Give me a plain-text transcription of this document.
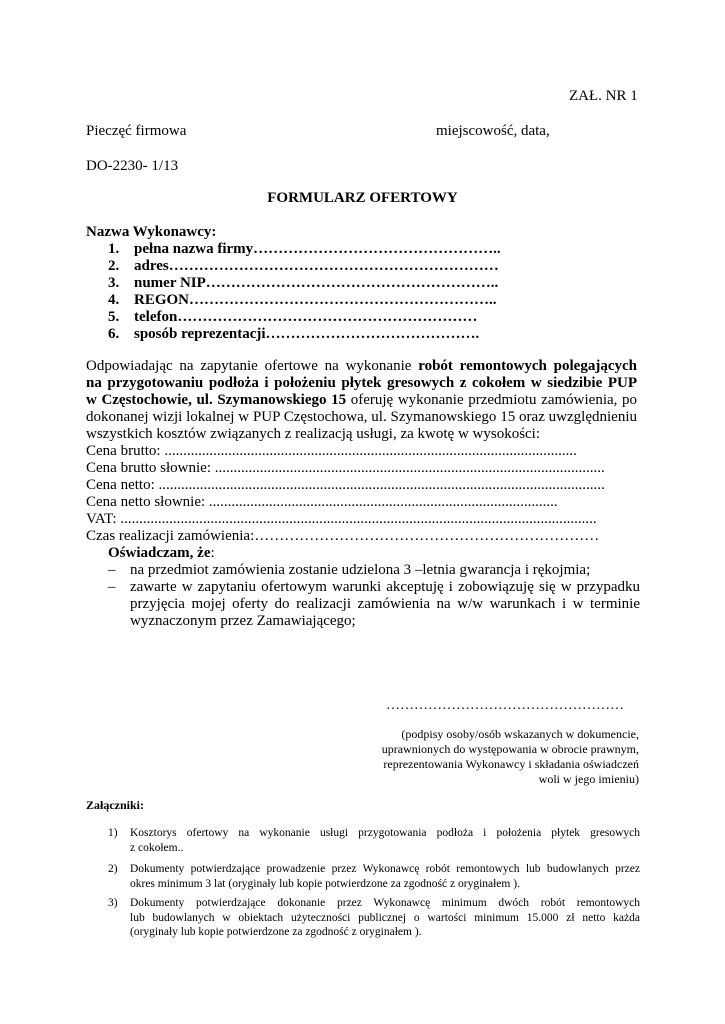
ZAŁ. NR 1
Pieczęć firmowa	miejscowość, data,
DO-2230- 1/13
FORMULARZ OFERTOWY
Nazwa Wykonawcy:
1. pełna nazwa firmy…………………………………………..
2. adres…………………………………………………………
3. numer NIP…………………………………………………..
4. REGON……………………………………………………..
5. telefon……………………………………………………
6. sposób reprezentacji…………………………………….
Odpowiadając na zapytanie ofertowe na wykonanie robót remontowych polegających
na przygotowaniu podłoża i położeniu płytek gresowych z cokołem w siedzibie PUP
w Częstochowie, ul. Szymanowskiego 15 oferuję wykonanie przedmiotu zamówienia, po
dokonanej wizji lokalnej w PUP Częstochowa, ul. Szymanowskiego 15 oraz uwzględnieniu
wszystkich kosztów związanych z realizacją usługi, za kwotę w wysokości:
Cena brutto: ..............................................................................................................
Cena brutto słownie: ........................................................................................................
Cena netto: .......................................................................................................................
Cena netto słownie: .............................................................................................
VAT: ...............................................................................................................................
Czas realizacji zamówienia:……………………………………………………………
Oświadczam, że:
– na przedmiot zamówienia zostanie udzielona 3 –letnia gwarancja i rękojmia;
– zawarte w zapytaniu ofertowym warunki akceptuję i zobowiązuję się w przypadku
przyjęcia mojej oferty do realizacji zamówienia na w/w warunkach i w terminie
wyznaczonym przez Zamawiającego;
……………………………………………
(podpisy osoby/osób wskazanych w dokumencie,
uprawnionych do występowania w obrocie prawnym,
reprezentowania Wykonawcy i składania oświadczeń
woli w jego imieniu)
Załączniki:
1) Kosztorys ofertowy na wykonanie usługi przygotowania podłoża i położenia płytek gresowych
z cokołem..
2) Dokumenty potwierdzające prowadzenie przez Wykonawcę robót remontowych lub budowlanych przez
okres minimum 3 lat (oryginały lub kopie potwierdzone za zgodność z oryginałem ).
3) Dokumenty potwierdzające dokonanie przez Wykonawcę minimum dwóch robót remontowych
lub budowlanych w obiektach użyteczności publicznej o wartości minimum 15.000 zł netto każda
(oryginały lub kopie potwierdzone za zgodność z oryginałem ).
